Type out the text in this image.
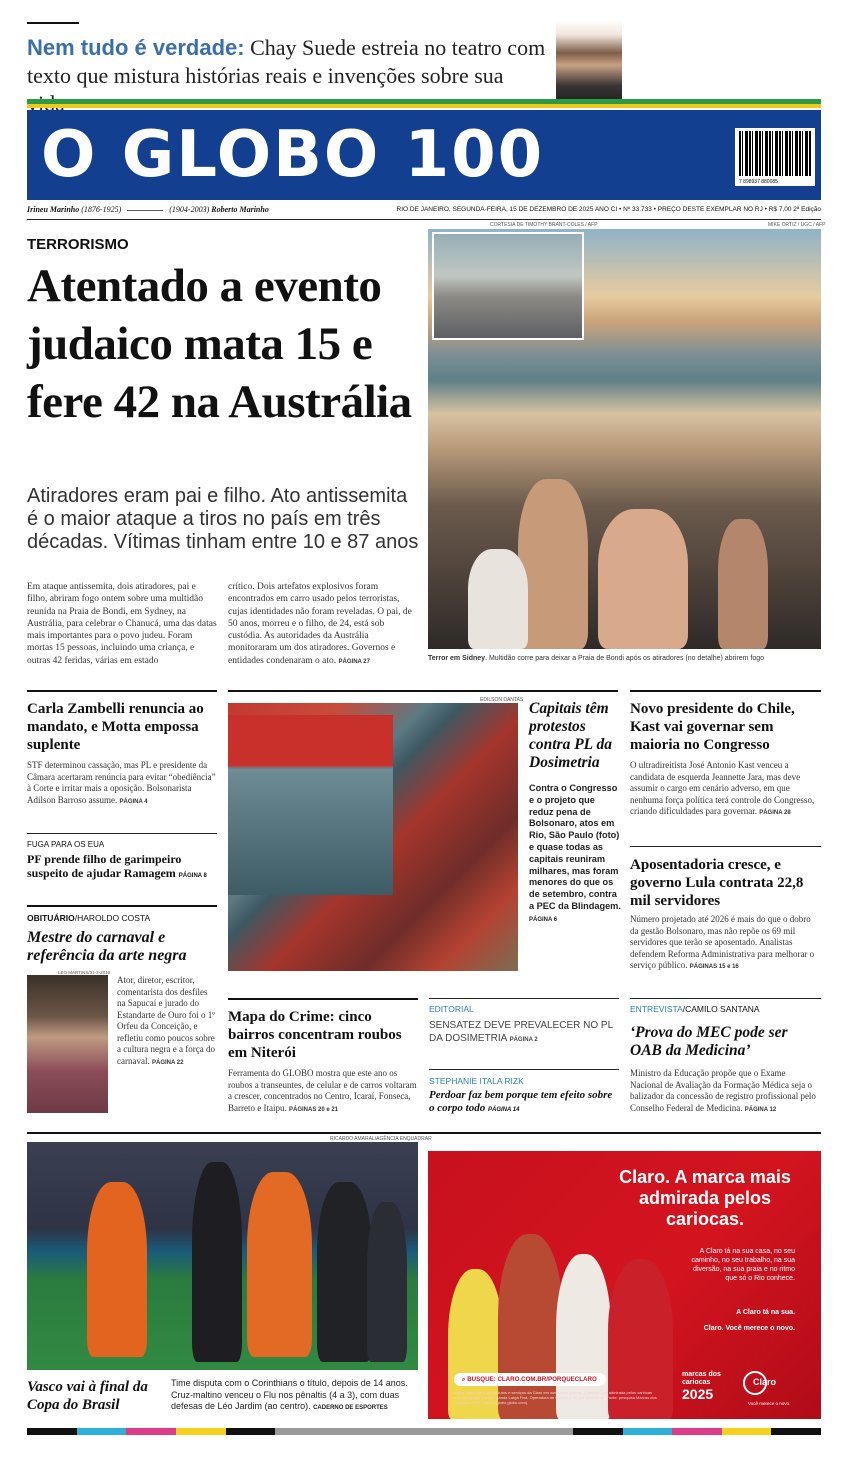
Nem tudo é verdade: Chay Suede estreia no teatro com texto que mistura histórias reais e invenções sobre sua
O GLOBO 100	7 898937 880085
Irineu Marinho (1876-1925)	(1904-2003) Roberto Marinho	RIO DE JANEIRO, SEGUNDA-FEIRA, 15 DE DEZEMBRO DE 2025 ANO CI • Nº 33.733 • PREÇO DESTE EXEMPLAR NO RJ • R$ 7,00 2ª Edição
TERRORISMO
Atentado a evento judaico mata 15 e fere 42 na Austrália
Atiradores eram pai e filho. Ato antissemita é o maior ataque a tiros no país em três décadas. Vítimas tinham entre 10 e 87 anos
Em ataque antissemita, dois atiradores, pai e filho, abriram fogo ontem sobre uma multidão reunida na Praia de Bondi, em Sydney, na Austrália, para celebrar o Chanucá, uma das datas mais importantes para o povo judeu. Foram mortas 15 pessoas, incluindo uma criança, e outras 42 feridas, várias em estado
crítico. Dois artefatos explosivos foram encontrados em carro usado pelos terroristas, cujas identidades não foram reveladas. O pai, de 50 anos, morreu e o filho, de 24, está sob custódia. As autoridades da Austrália monitoraram um dos atiradores. Governos e entidades condenaram o ato. PÁGINA 27
CORTESIA DE TIMOTHY BRANT-COLES / AFP	MIKE ORTIZ / UGC / AFP
Terror em Sidney. Multidão corre para deixar a Praia de Bondi após os atiradores (no detalhe) abrirem fogo
Carla Zambelli renuncia ao mandato, e Motta empossa suplente
STF determinou cassação, mas PL e presidente da Câmara acertaram renúncia para evitar “obediência” à Corte e irritar mais a oposição. Bolsonarista Adilson Barroso assume. PÁGINA 4
FUGA PARA OS EUA
PF prende filho de garimpeiro suspeito de ajudar Ramagem PÁGINA 8
OBITUÁRIO/HAROLDO COSTA
Mestre do carnaval e referência da arte negra
LEO MARTINS/31-3-2016
Ator, diretor, escritor, comentarista dos desfiles na Sapucaí e jurado do Estandarte de Ouro foi o 1º Orfeu da Conceição, e refletiu como poucos sobre a cultura negra e a força do carnaval. PÁGINA 22
EDILSON DANTAS Capitais têm protestos contra PL da Dosimetria
Contra o Congresso e o projeto que reduz pena de Bolsonaro, atos em Rio, São Paulo (foto) e quase todas as capitais reuniram milhares, mas foram menores do que os de setembro, contra a PEC da Blindagem.
PÁGINA 6
Novo presidente do Chile, Kast vai governar sem maioria no Congresso
O ultradireitista José Antonio Kast venceu a candidata de esquerda Jeannette Jara, mas deve assumir o cargo em cenário adverso, em que nenhuma força política terá controle do Congresso, criando dificuldades para governar. PÁGINA 28
Aposentadoria cresce, e governo Lula contrata 22,8 mil servidores
Número projetado até 2026 é mais do que o dobro da gestão Bolsonaro, mas não repõe os 69 mil servidores que terão se aposentado. Analistas defendem Reforma Administrativa para melhorar o serviço público. PÁGINAS 15 e 16
Mapa do Crime: cinco bairros concentram roubos em Niterói
Ferramenta do GLOBO mostra que este ano os roubos a transeuntes, de celular e de carros voltaram a crescer, concentrados no Centro, Icaraí, Fonseca, Barreto e Itaipu. PÁGINAS 20 e 21
EDITORIAL
SENSATEZ DEVE PREVALECER NO PL DA DOSIMETRIA PÁGINA 2
STEPHANIE ITALA RIZK
Perdoar faz bem porque tem efeito sobre o corpo todo PÁGINA 14
ENTREVISTA/CAMILO SANTANA
‘Prova do MEC pode ser OAB da Medicina’
Ministro da Educação propõe que o Exame Nacional de Avaliação da Formação Médica seja o balizador da concessão de registro profissional pelo Conselho Federal de Medicina. PÁGINA 12
RICARDO AMARAL/AGÊNCIA ENQUADRAR
Vasco vai à final da Copa do Brasil
Time disputa com o Corinthians o título, depois de 14 anos. Cruz-maltino venceu o Flu nos pênaltis (4 a 3), com duas defesas de Léo Jardim (ao centro). CADERNO DE ESPORTES
Claro. A marca mais admirada pelos cariocas.
A Claro tá na sua casa, no seu caminho, no seu trabalho, na sua diversão, na sua praia e no ritmo que só o Rio conhece.
A Claro tá na sua.
Claro. Você merece o novo.
⌕ BUSQUE: CLARO.COM.BR/PORQUECLARO
Saiba mais sobre os produtos e serviços da Claro em www.claro.com.br. A marca mais admirada pelos cariocas nas categorias Internet Banda Larga Fixa, Operadora de Celular e TV por Assinatura. Fonte: pesquisa Marcas dos Cariocas 2025 (https://oglobo.globo.com).
marcas dos cariocas
2025
Claro
Você merece o novo.
